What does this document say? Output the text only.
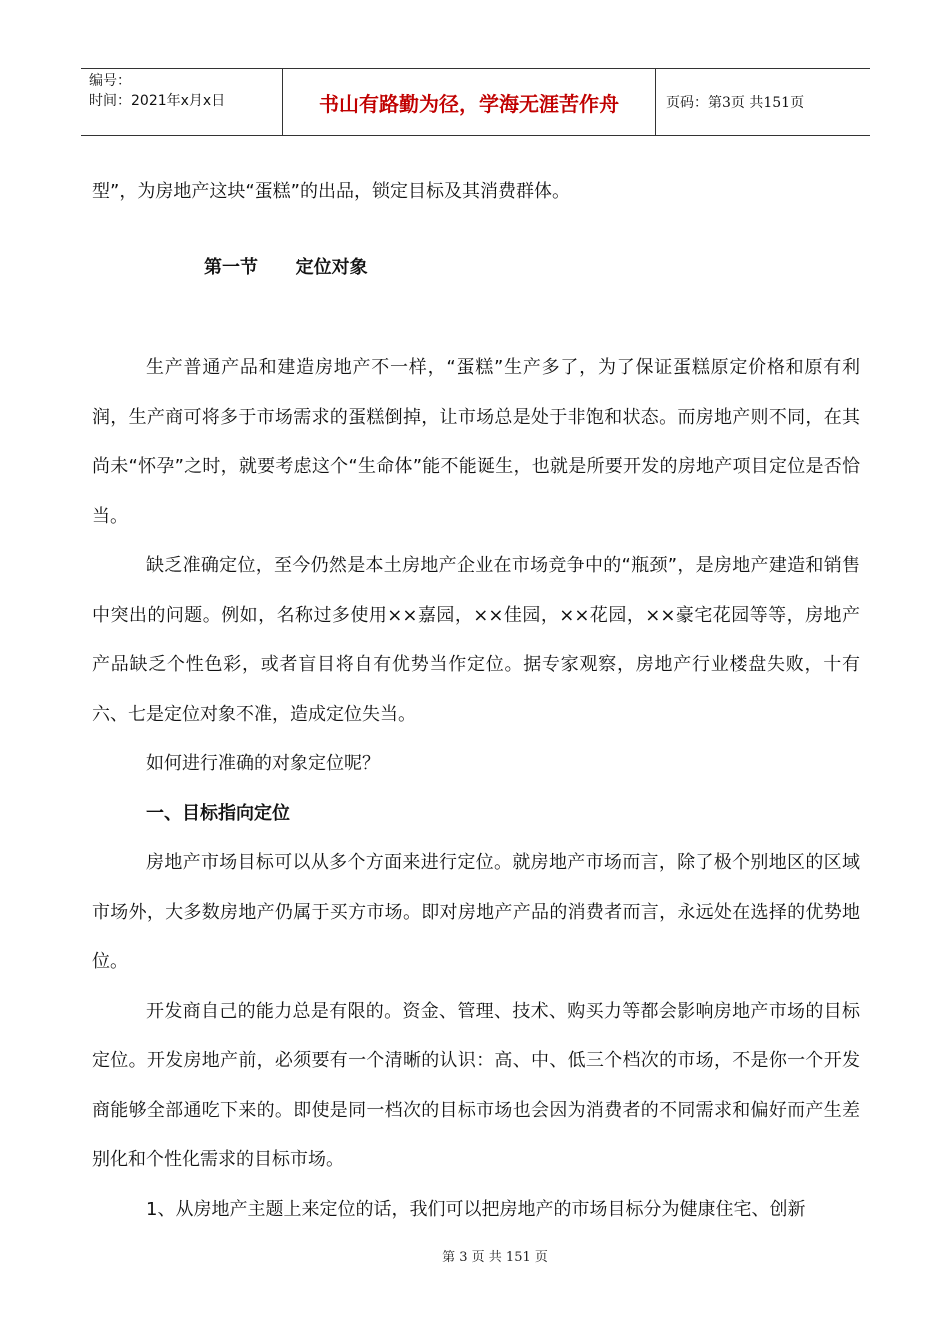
编号：
时间：2021年x月x日	书山有路勤为径，学海无涯苦作舟	页码：第3页 共151页

型”，为房地产这块“蛋糕”的出品，锁定目标及其消费群体。

第一节      定位对象

生产普通产品和建造房地产不一样，“蛋糕”生产多了，为了保证蛋糕原定价格和原有利润，生产商可将多于市场需求的蛋糕倒掉，让市场总是处于非饱和状态。而房地产则不同，在其尚未“怀孕”之时，就要考虑这个“生命体”能不能诞生，也就是所要开发的房地产项目定位是否恰当。

缺乏准确定位，至今仍然是本土房地产企业在市场竞争中的“瓶颈”，是房地产建造和销售中突出的问题。例如，名称过多使用××嘉园，××佳园，××花园，××豪宅花园等等，房地产产品缺乏个性色彩，或者盲目将自有优势当作定位。据专家观察，房地产行业楼盘失败，十有六、七是定位对象不准，造成定位失当。

如何进行准确的对象定位呢？

一、目标指向定位

房地产市场目标可以从多个方面来进行定位。就房地产市场而言，除了极个别地区的区域市场外，大多数房地产仍属于买方市场。即对房地产产品的消费者而言，永远处在选择的优势地位。

开发商自己的能力总是有限的。资金、管理、技术、购买力等都会影响房地产市场的目标定位。开发房地产前，必须要有一个清晰的认识：高、中、低三个档次的市场，不是你一个开发商能够全部通吃下来的。即使是同一档次的目标市场也会因为消费者的不同需求和偏好而产生差别化和个性化需求的目标市场。

1、从房地产主题上来定位的话，我们可以把房地产的市场目标分为健康住宅、创新

第 3 页 共 151 页
